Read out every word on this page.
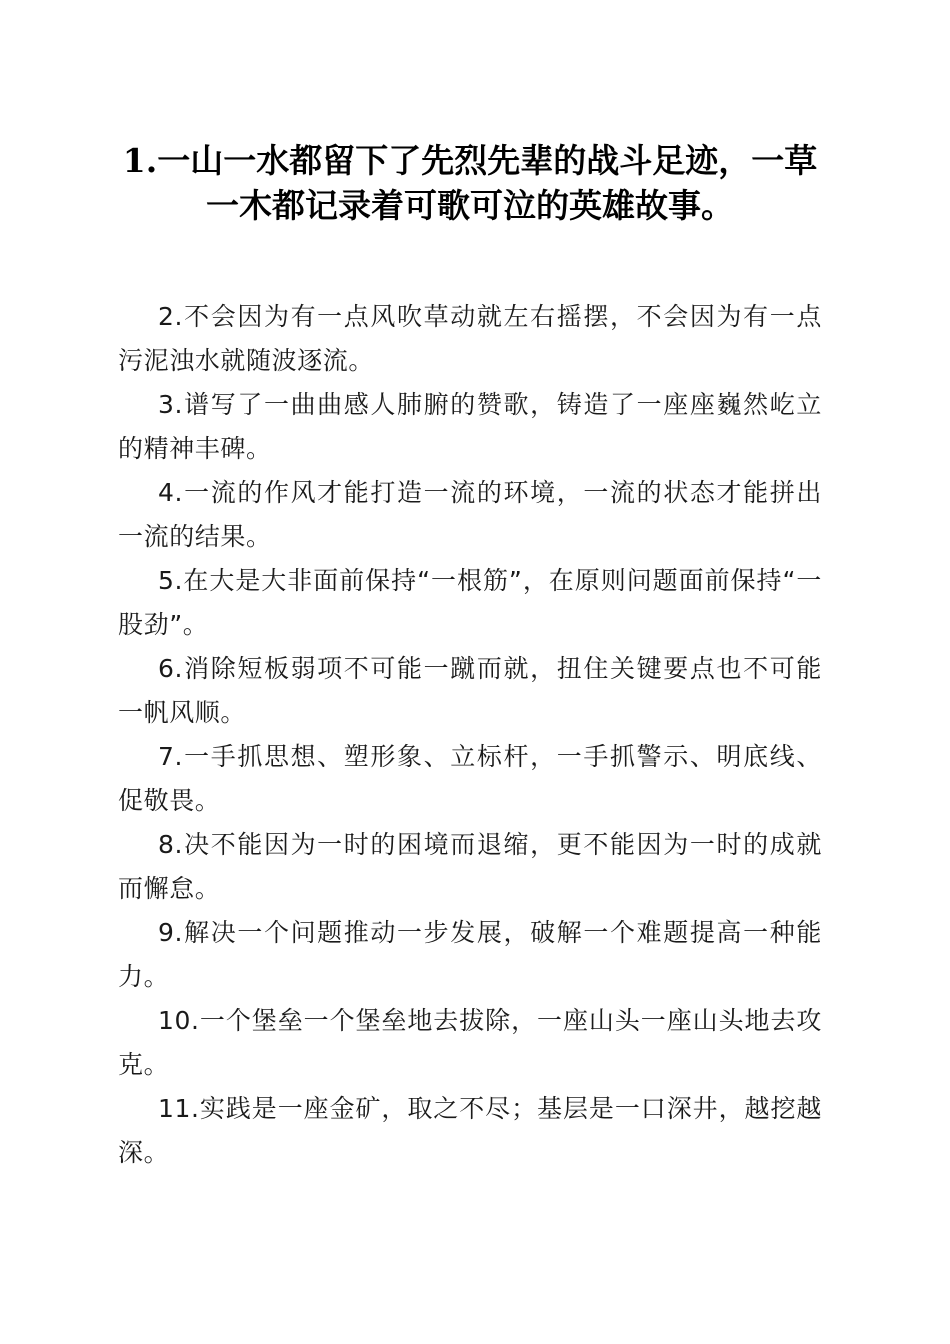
1.一山一水都留下了先烈先辈的战斗足迹，一草一木都记录着可歌可泣的英雄故事。

2.不会因为有一点风吹草动就左右摇摆，不会因为有一点污泥浊水就随波逐流。

3.谱写了一曲曲感人肺腑的赞歌，铸造了一座座巍然屹立的精神丰碑。

4.一流的作风才能打造一流的环境，一流的状态才能拼出一流的结果。

5.在大是大非面前保持“一根筋”，在原则问题面前保持“一股劲”。

6.消除短板弱项不可能一蹴而就，扭住关键要点也不可能一帆风顺。

7.一手抓思想、塑形象、立标杆，一手抓警示、明底线、促敬畏。

8.决不能因为一时的困境而退缩，更不能因为一时的成就而懈怠。

9.解决一个问题推动一步发展，破解一个难题提高一种能力。

10.一个堡垒一个堡垒地去拔除，一座山头一座山头地去攻克。

11.实践是一座金矿，取之不尽；基层是一口深井，越挖越深。
